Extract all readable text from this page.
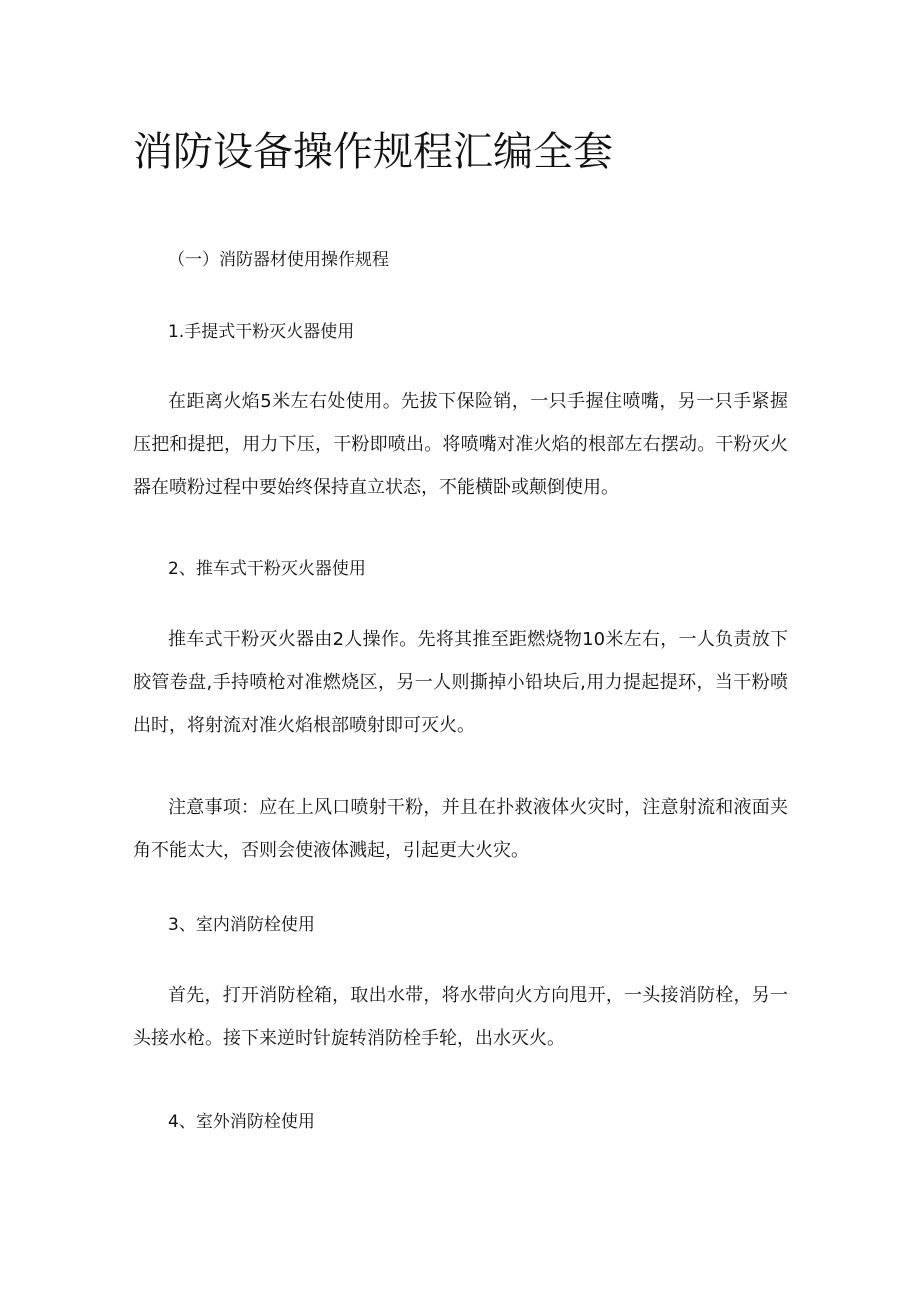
消防设备操作规程汇编全套
（一）消防器材使用操作规程
1.手提式干粉灭火器使用

在距离火焰5米左右处使用。先拔下保险销，一只手握住喷嘴，另一只手紧握压把和提把，用力下压，干粉即喷出。将喷嘴对准火焰的根部左右摆动。干粉灭火器在喷粉过程中要始终保持直立状态，不能横卧或颠倒使用。

2、推车式干粉灭火器使用

推车式干粉灭火器由2人操作。先将其推至距燃烧物10米左右，一人负责放下胶管卷盘,手持喷枪对准燃烧区，另一人则撕掉小铅块后,用力提起提环，当干粉喷出时，将射流对准火焰根部喷射即可灭火。

注意事项：应在上风口喷射干粉，并且在扑救液体火灾时，注意射流和液面夹角不能太大，否则会使液体溅起，引起更大火灾。

3、室内消防栓使用

首先，打开消防栓箱，取出水带，将水带向火方向甩开，一头接消防栓，另一头接水枪。接下来逆时针旋转消防栓手轮，出水灭火。

4、室外消防栓使用
